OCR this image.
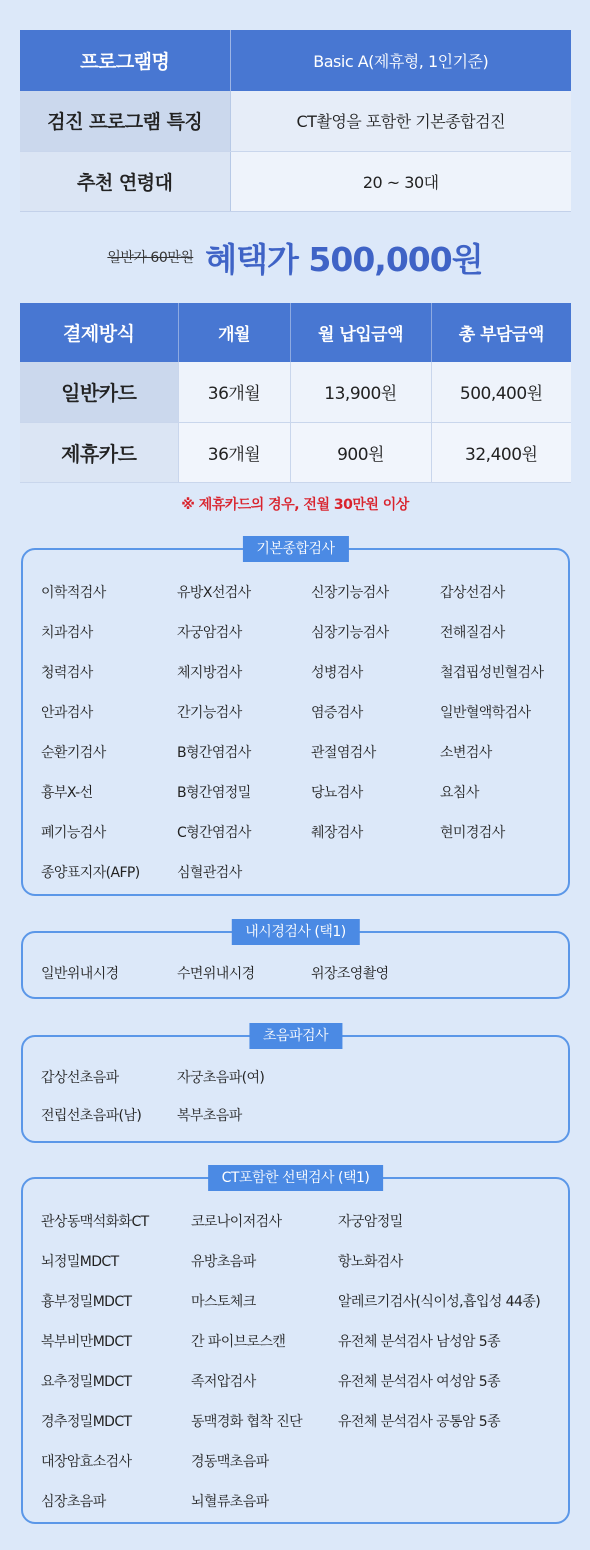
프로그램명	Basic A(제휴형, 1인기준)
검진 프로그램 특징	CT촬영을 포함한 기본종합검진
추천 연령대	20 ~ 30대
일반가 60만원 혜택가 500,000원
결제방식	개월	월 납입금액	총 부담금액
일반카드	36개월	13,900원	500,400원
제휴카드	36개월	900원	32,400원
※ 제휴카드의 경우, 전월 30만원 이상
기본종합검사
이학적검사	유방X선검사	신장기능검사	갑상선검사
치과검사	자궁암검사	심장기능검사	전해질검사
청력검사	체지방검사	성병검사	철겹핍성빈혈검사
안과검사	간기능검사	염증검사	일반혈액학검사
순환기검사	B형간염검사	관절염검사	소변검사
흉부X-선	B형간염정밀	당뇨검사	요침사
폐기능검사	C형간염검사	췌장검사	현미경검사
종양표지자(AFP)	심혈관검사
내시경검사 (택1)
일반위내시경	수면위내시경	위장조영촬영
초음파검사
갑상선초음파	자궁초음파(여)
전립선초음파(남)	복부초음파
CT포함한 선택검사 (택1)
관상동맥석화화CT	코로나이저검사	자궁암정밀
뇌정밀MDCT	유방초음파	항노화검사
흉부정밀MDCT	마스토체크	알레르기검사(식이성,흡입성 44종)
복부비만MDCT	간 파이브로스캔	유전체 분석검사 남성암 5종
요추정밀MDCT	족저압검사	유전체 분석검사 여성암 5종
경추정밀MDCT	동맥경화 협착 진단	유전체 분석검사 공통암 5종
대장암효소검사	경동맥초음파
심장초음파	뇌혈류초음파
